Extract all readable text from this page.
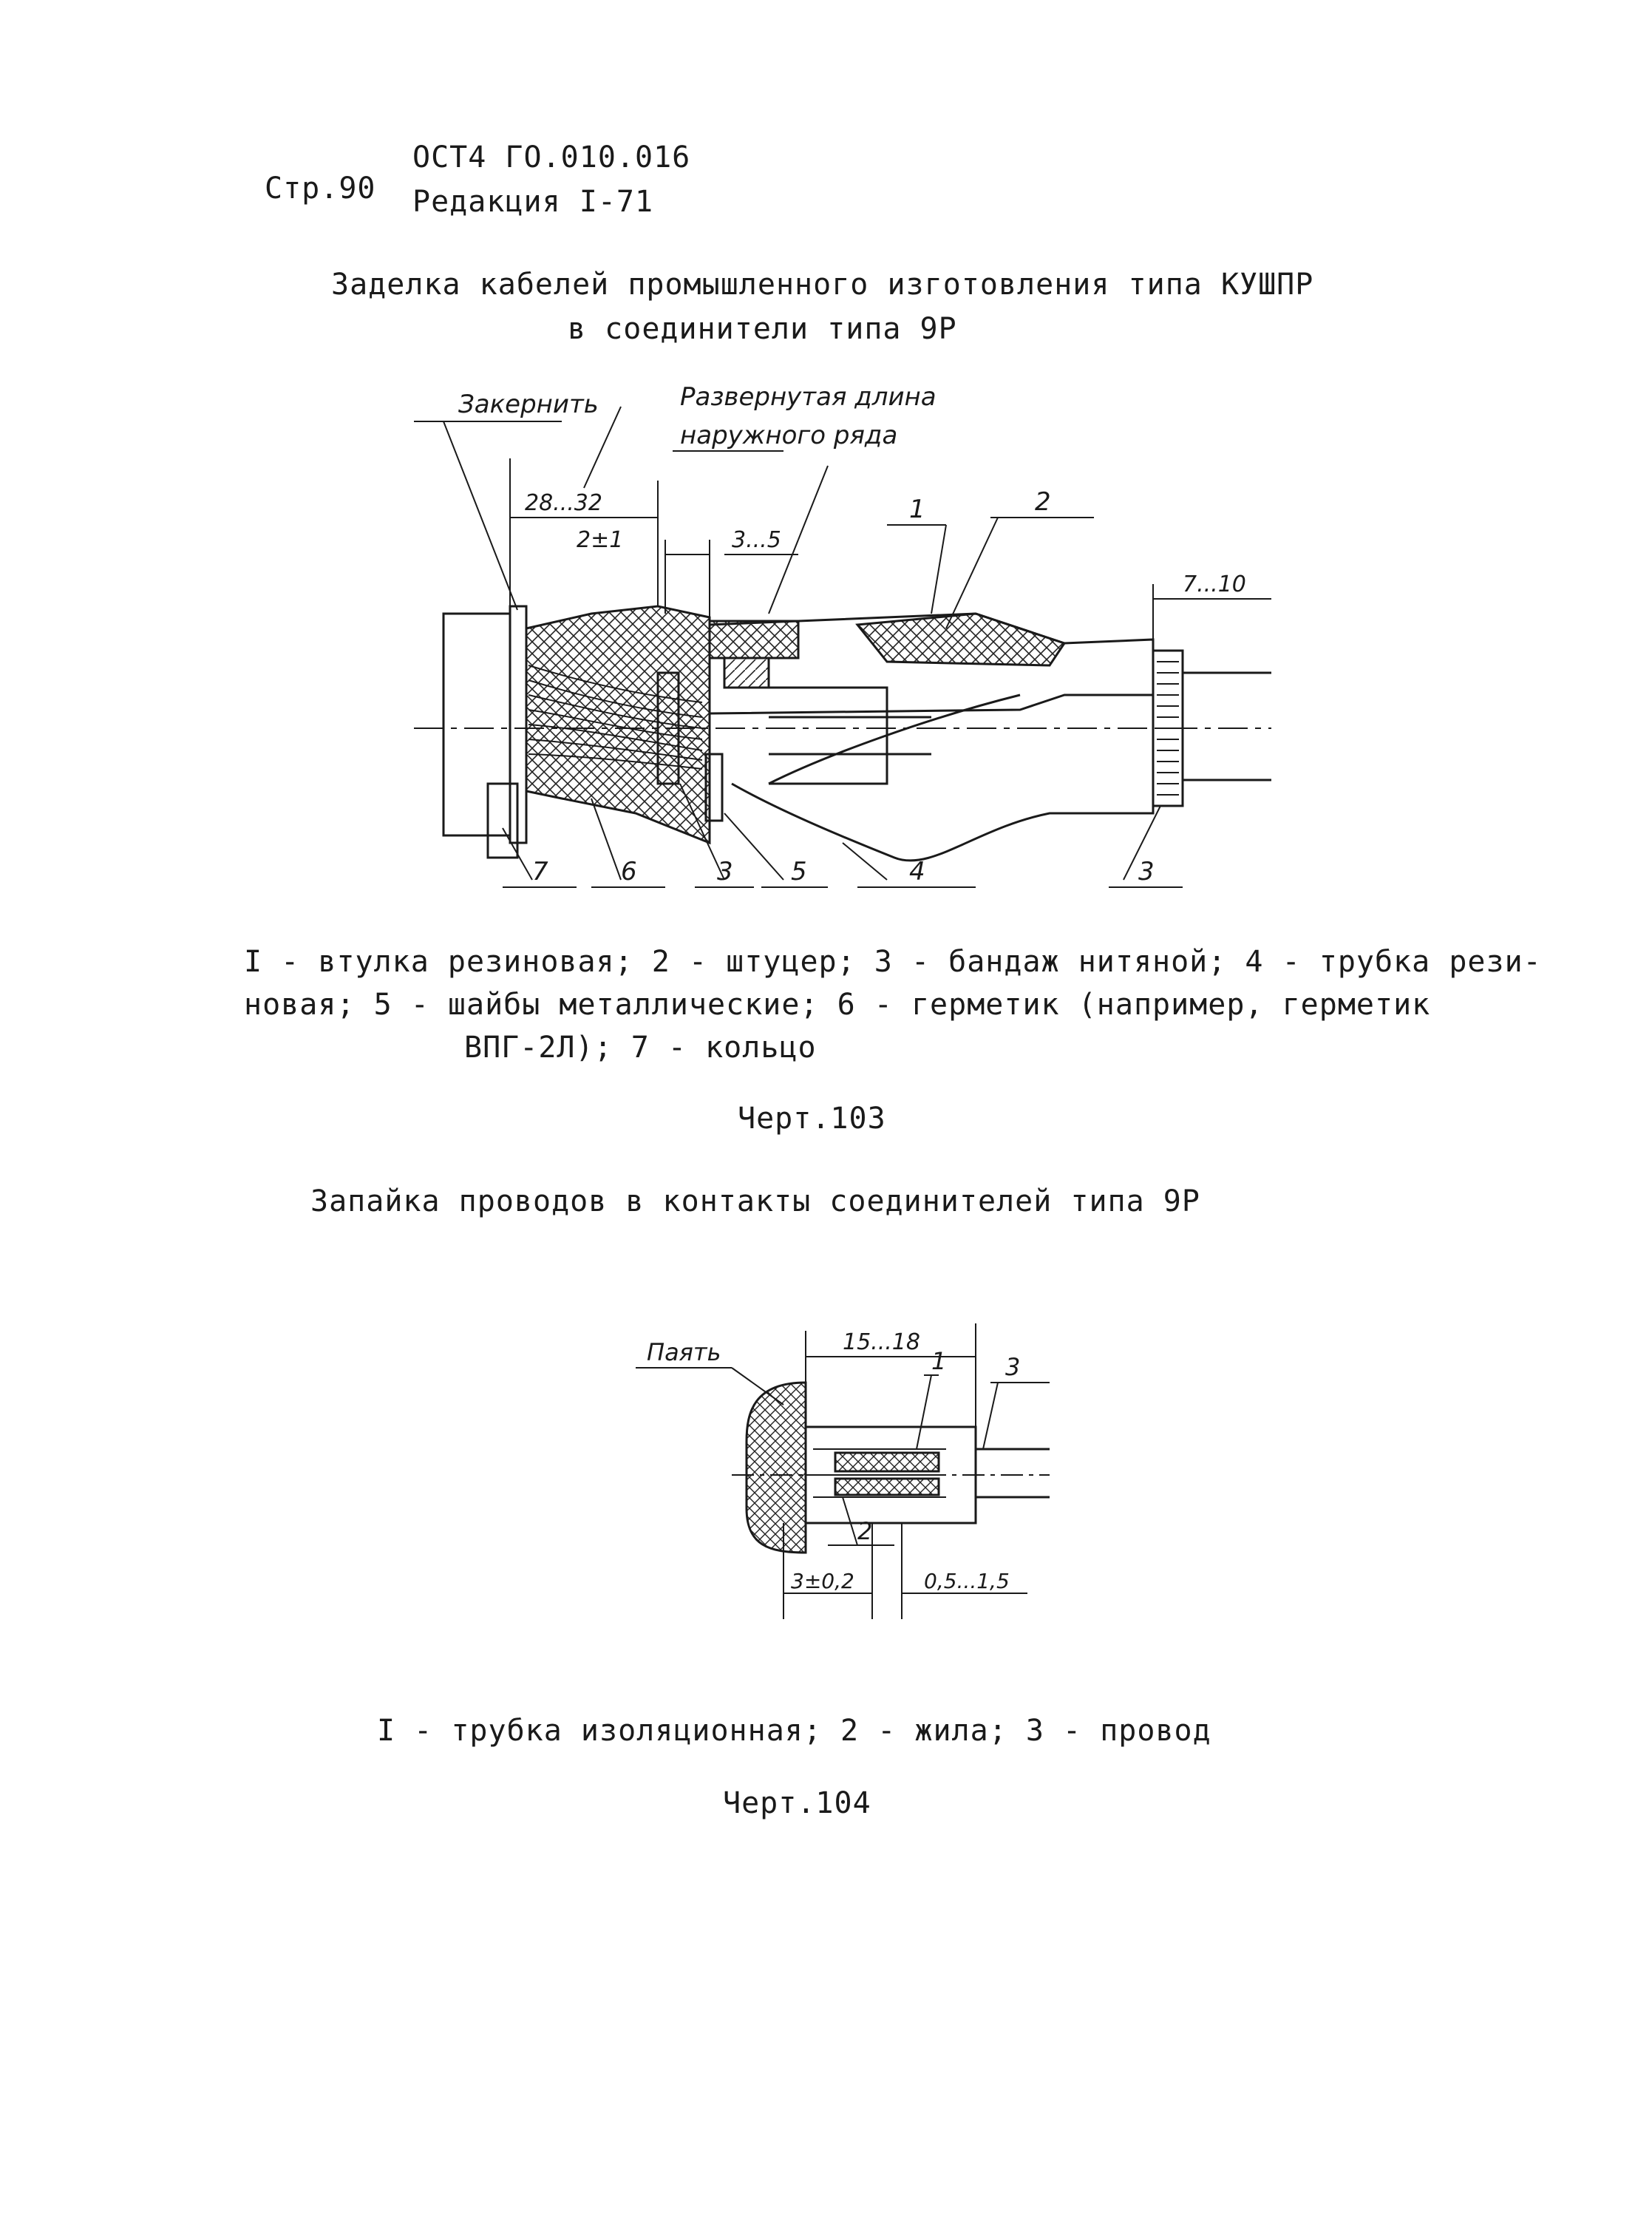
ОСТ4 ГО.010.016
Стр.90 Редакция I-71
Заделка кабелей промышленного изготовления типа КУШПР
в соединители типа 9Р
Закернить	Развернутая длина
наружного ряда
28...32
2±1	3...5
7...10
1	2
7	6	3 5	4	3
I - втулка резиновая; 2 - штуцер; 3 - бандаж нитяной; 4 - трубка рези-
новая; 5 - шайбы металлические; 6 - герметик (например, герметик
ВПГ-2Л); 7 - кольцо
Черт.103
Запайка проводов в контакты соединителей типа 9Р
Паять	15...18
3±0,2	0,5...1,5
1
2
3
I - трубка изоляционная; 2 - жила; 3 - провод
Черт.104
